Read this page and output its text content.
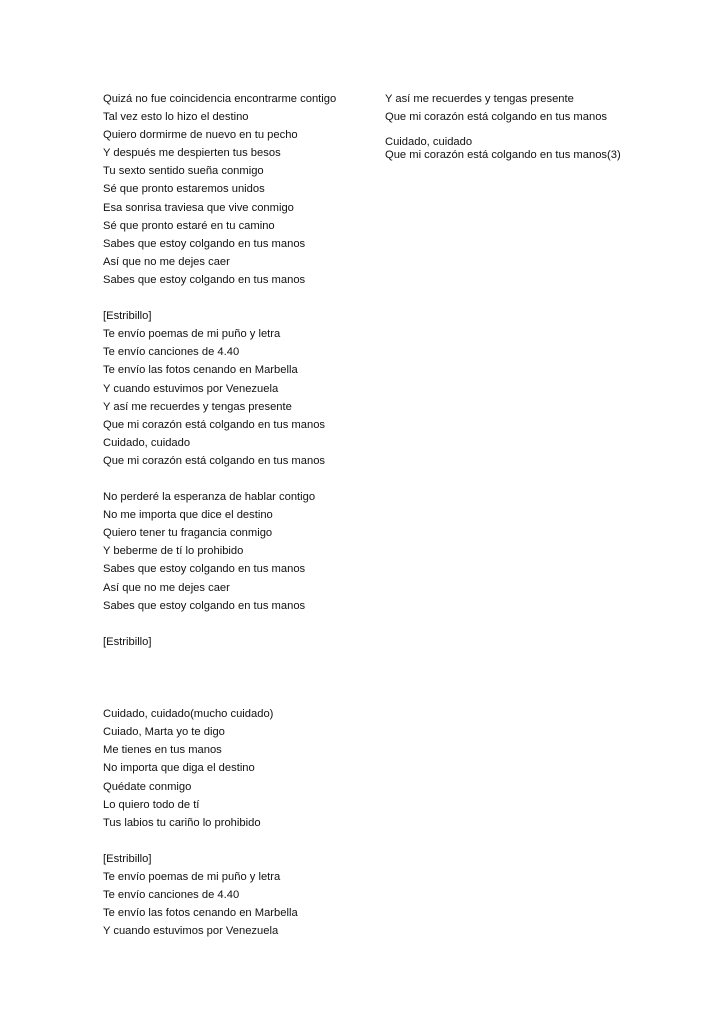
Quizá no fue coincidencia encontrarme contigo
Tal vez esto lo hizo el destino
Quiero dormirme de nuevo en tu pecho
Y después me despierten tus besos
Tu sexto sentido sueña conmigo
Sé que pronto estaremos unidos
Esa sonrisa traviesa que vive conmigo
Sé que pronto estaré en tu camino
Sabes que estoy colgando en tus manos
Así que no me dejes caer
Sabes que estoy colgando en tus manos
[Estribillo]
Te envío poemas de mi puño y letra
Te envío canciones de 4.40
Te envío las fotos cenando en Marbella
Y cuando estuvimos por Venezuela
Y así me recuerdes y tengas presente
Que mi corazón está colgando en tus manos
Cuidado, cuidado
Que mi corazón está colgando en tus manos
No perderé la esperanza de hablar contigo
No me importa que dice el destino
Quiero tener tu fragancia conmigo
Y beberme de tí lo prohibido
Sabes que estoy colgando en tus manos
Así que no me dejes caer
Sabes que estoy colgando en tus manos
[Estribillo]
Cuidado, cuidado(mucho cuidado)
Cuiado, Marta yo te digo
Me tienes en tus manos
No importa que diga el destino
Quédate conmigo
Lo quiero todo de tí
Tus labios tu cariño lo prohibido
[Estribillo]
Te envío poemas de mi puño y letra
Te envío canciones de 4.40
Te envío las fotos cenando en Marbella
Y cuando estuvimos por Venezuela
Y así me recuerdes y tengas presente
Que mi corazón está colgando en tus manos
Cuidado, cuidado
Que mi corazón está colgando en tus manos(3)
